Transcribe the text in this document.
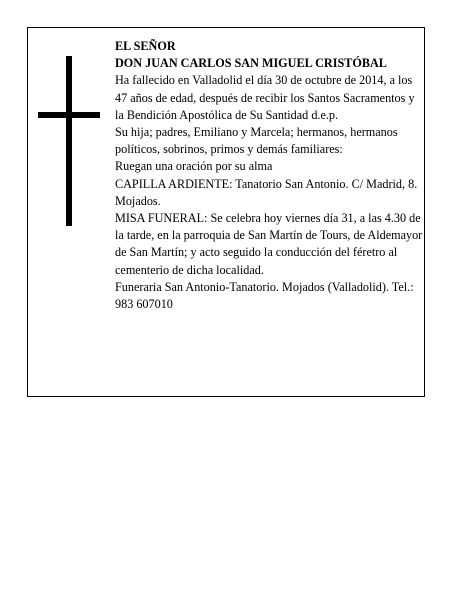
EL SEÑOR

DON JUAN CARLOS SAN MIGUEL CRISTÓBAL

Ha fallecido en Valladolid el día 30 de octubre de 2014, a los 47 años de edad, después de recibir los Santos Sacramentos y la Bendición Apostólica de Su Santidad d.e.p.

Su hija; padres, Emiliano y Marcela; hermanos, hermanos políticos, sobrinos, primos y demás familiares:

Ruegan una oración por su alma

CAPILLA ARDIENTE: Tanatorio San Antonio. C/ Madrid, 8. Mojados.

MISA FUNERAL: Se celebra hoy viernes día 31, a las 4.30 de la tarde, en la parroquia de San Martín de Tours, de Aldemayor de San Martín; y acto seguido la conducción del féretro al cementerio de dicha localidad.

Funeraria San Antonio-Tanatorio. Mojados (Valladolid). Tel.: 983 607010
